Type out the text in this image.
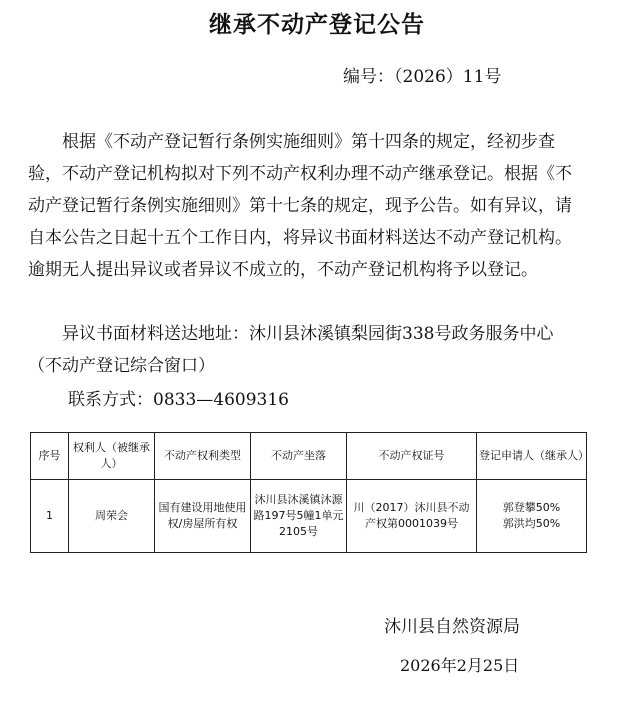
继承不动产登记公告
编号：（2026）11号
根据《不动产登记暂行条例实施细则》第十四条的规定，经初步查验，不动产登记机构拟对下列不动产权利办理不动产继承登记。根据《不动产登记暂行条例实施细则》第十七条的规定，现予公告。如有异议，请自本公告之日起十五个工作日内，将异议书面材料送达不动产登记机构。逾期无人提出异议或者异议不成立的，不动产登记机构将予以登记。
异议书面材料送达地址：沐川县沐溪镇梨园街338号政务服务中心（不动产登记综合窗口）
联系方式：0833—4609316
序号	权利人（被继承人）	不动产权利类型	不动产坐落	不动产权证号	登记申请人（继承人）
1	周荣会	国有建设用地使用权/房屋所有权	沐川县沐溪镇沐源路197号5幢1单元2105号	川（2017）沐川县不动产权第0001039号	郭登攀50%
郭洪均50%
沐川县自然资源局
2026年2月25日
